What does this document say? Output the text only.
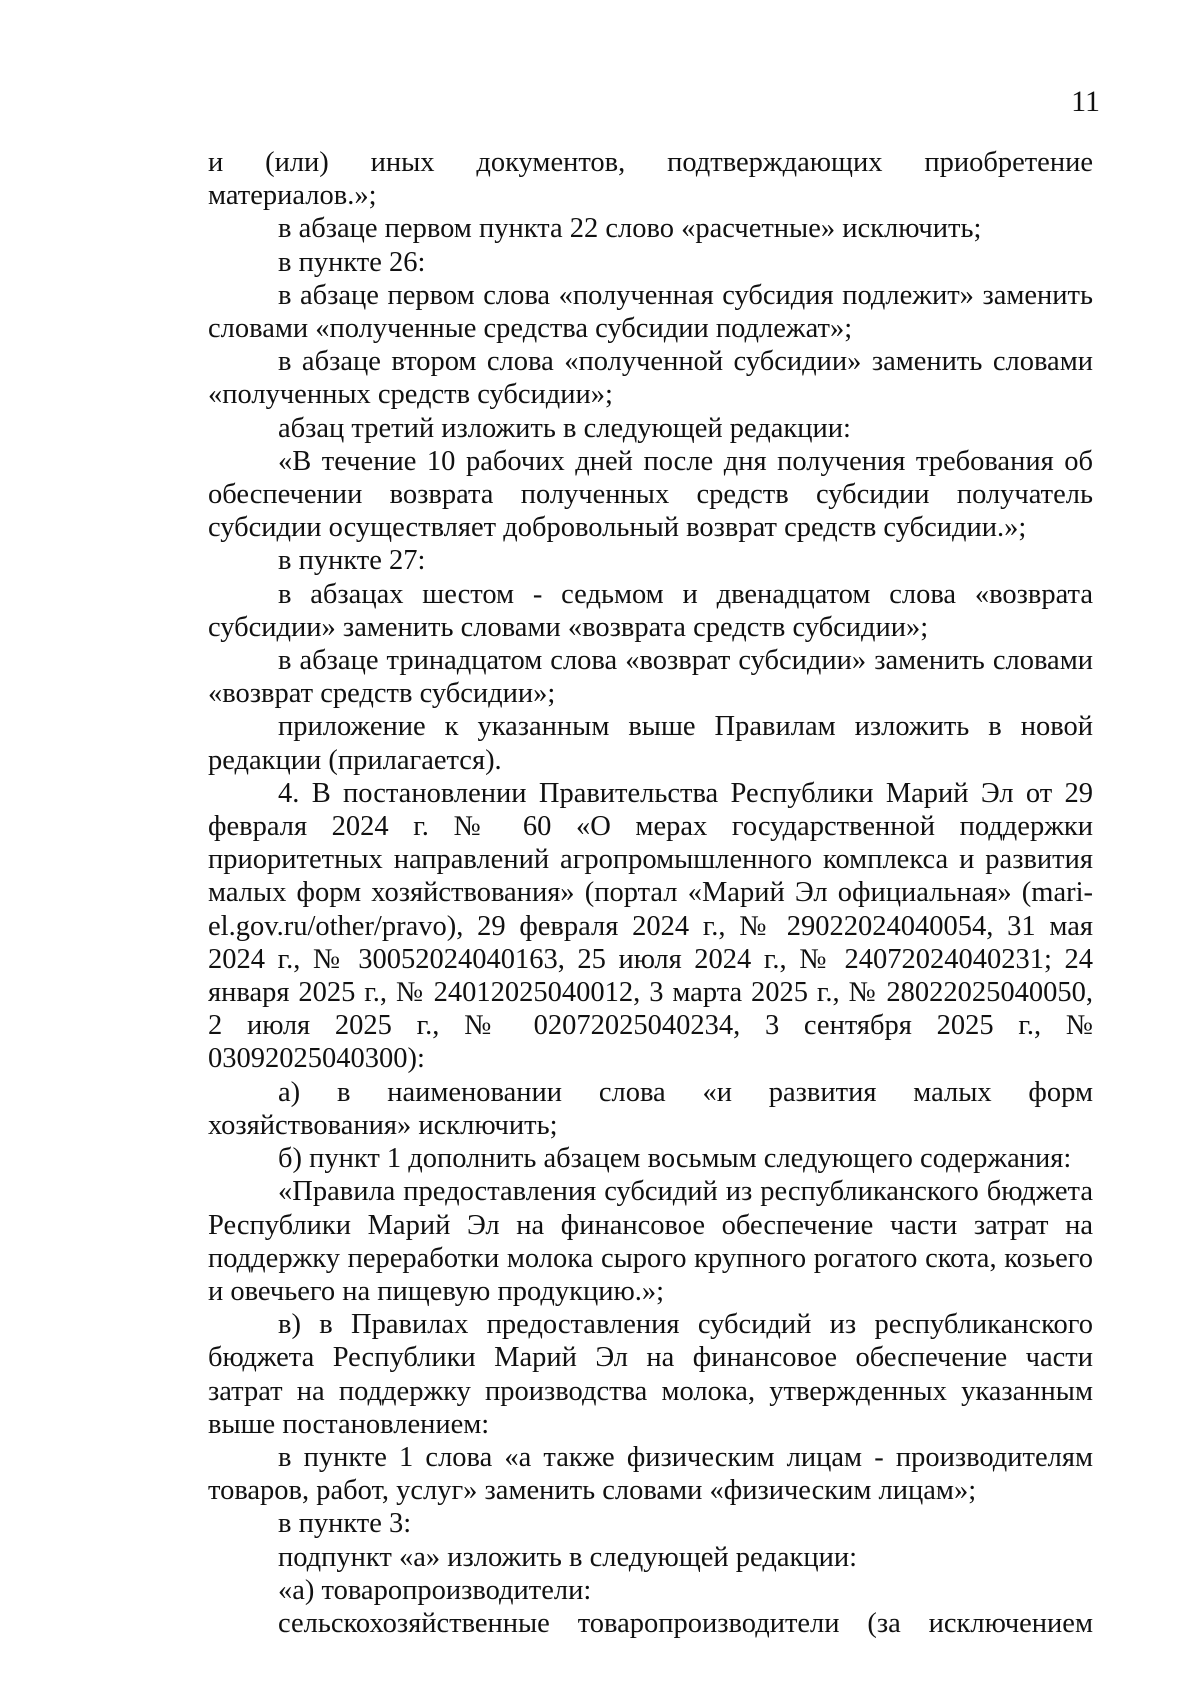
11

и (или) иных документов, подтверждающих приобретение материалов.»;

в абзаце первом пункта 22 слово «расчетные» исключить;

в пункте 26:

в абзаце первом слова «полученная субсидия подлежит» заменить словами «полученные средства субсидии подлежат»;

в абзаце втором слова «полученной субсидии» заменить словами «полученных средств субсидии»;

абзац третий изложить в следующей редакции:

«В течение 10 рабочих дней после дня получения требования об обеспечении возврата полученных средств субсидии получатель субсидии осуществляет добровольный возврат средств субсидии.»;

в пункте 27:

в абзацах шестом - седьмом и двенадцатом слова «возврата субсидии» заменить словами «возврата средств субсидии»;

в абзаце тринадцатом слова «возврат субсидии» заменить словами «возврат средств субсидии»;

приложение к указанным выше Правилам изложить в новой редакции (прилагается).

4. В постановлении Правительства Республики Марий Эл от 29 февраля 2024 г. № 60 «О мерах государственной поддержки приоритетных направлений агропромышленного комплекса и развития малых форм хозяйствования» (портал «Марий Эл официальная» (mari-el.gov.ru/other/pravo), 29 февраля 2024 г., № 29022024040054, 31 мая 2024 г., № 30052024040163, 25 июля 2024 г., № 24072024040231; 24 января 2025 г., № 24012025040012, 3 марта 2025 г., № 28022025040050, 2 июля 2025 г., № 02072025040234, 3 сентября 2025 г., № 03092025040300):

а) в наименовании слова «и развития малых форм хозяйствования» исключить;

б) пункт 1 дополнить абзацем восьмым следующего содержания:

«Правила предоставления субсидий из республиканского бюджета Республики Марий Эл на финансовое обеспечение части затрат на поддержку переработки молока сырого крупного рогатого скота, козьего и овечьего на пищевую продукцию.»;

в) в Правилах предоставления субсидий из республиканского бюджета Республики Марий Эл на финансовое обеспечение части затрат на поддержку производства молока, утвержденных указанным выше постановлением:

в пункте 1 слова «а также физическим лицам - производителям товаров, работ, услуг» заменить словами «физическим лицам»;

в пункте 3:

подпункт «а» изложить в следующей редакции:

«а) товаропроизводители:

сельскохозяйственные товаропроизводители (за исключением
